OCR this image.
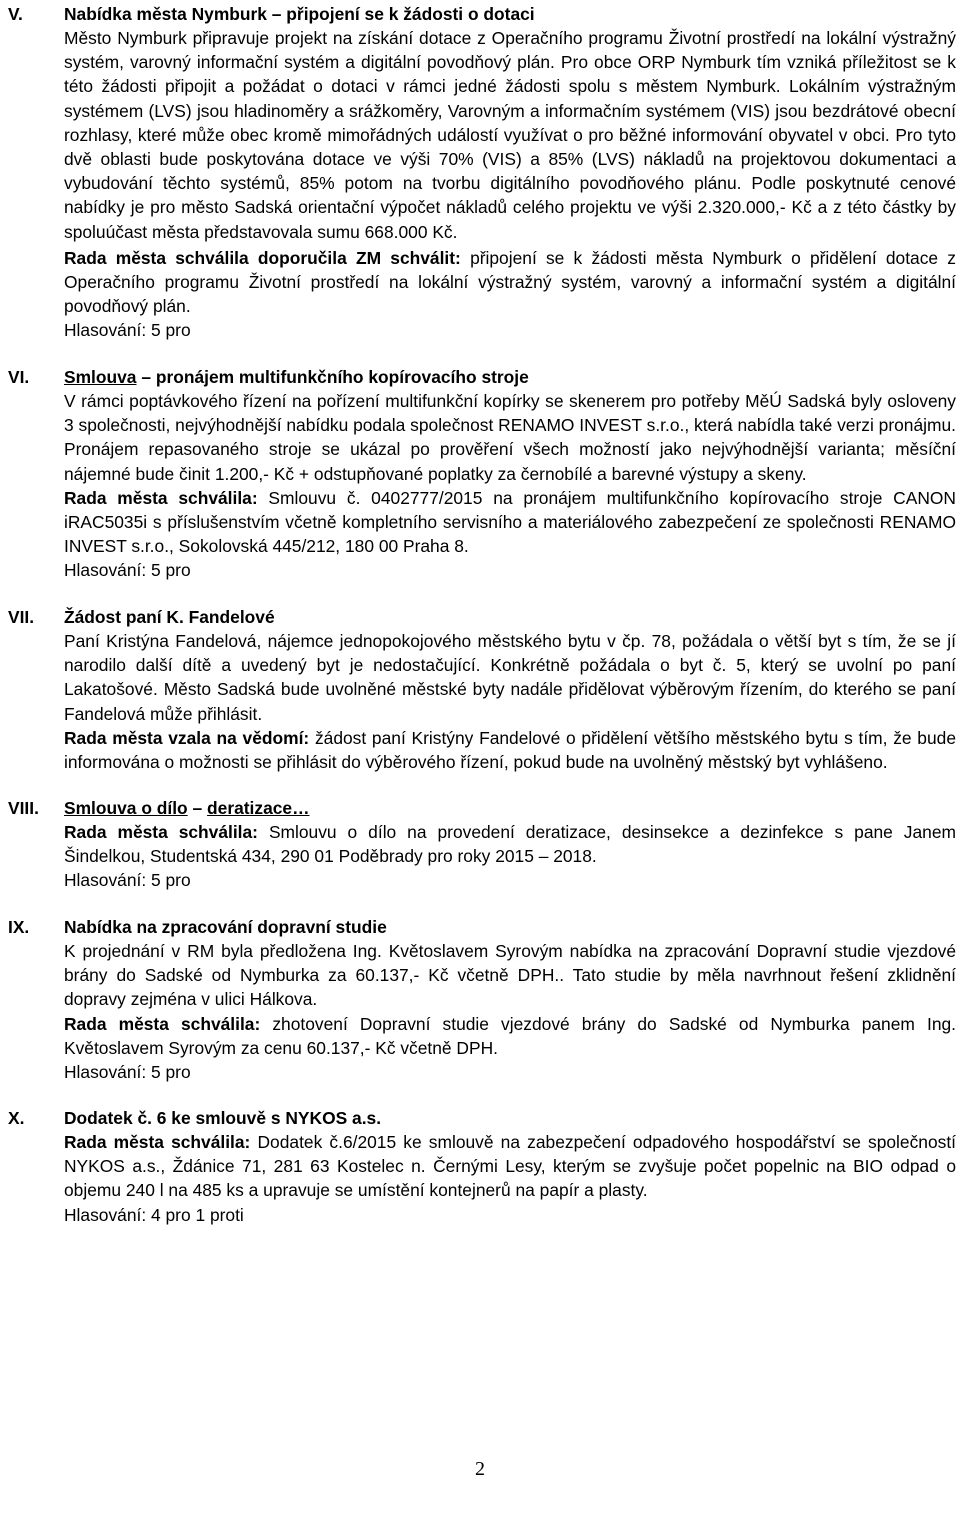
V. Nabídka města Nymburk – připojení se k žádosti o dotaci

Město Nymburk připravuje projekt na získání dotace z Operačního programu Životní prostředí na lokální výstražný systém, varovný informační systém a digitální povodňový plán. Pro obce ORP Nymburk tím vzniká příležitost se k této žádosti připojit a požádat o dotaci v rámci jedné žádosti spolu s městem Nymburk. Lokálním výstražným systémem (LVS) jsou hladinoměry a srážkoměry, Varovným a informačním systémem (VIS) jsou bezdrátové obecní rozhlasy, které může obec kromě mimořádných událostí využívat o pro běžné informování obyvatel v obci. Pro tyto dvě oblasti bude poskytována dotace ve výši 70% (VIS) a 85% (LVS) nákladů na projektovou dokumentaci a vybudování těchto systémů, 85% potom na tvorbu digitálního povodňového plánu. Podle poskytnuté cenové nabídky je pro město Sadská orientační výpočet nákladů celého projektu ve výši 2.320.000,- Kč a z této částky by spoluúčast města představovala sumu 668.000 Kč.

Rada města schválila doporučila ZM schválit: připojení se k žádosti města Nymburk o přidělení dotace z Operačního programu Životní prostředí na lokální výstražný systém, varovný a informační systém a digitální povodňový plán.

Hlasování: 5 pro

VI. Smlouva – pronájem multifunkčního kopírovacího stroje

V rámci poptávkového řízení na pořízení multifunkční kopírky se skenerem pro potřeby MěÚ Sadská byly osloveny 3 společnosti, nejvýhodnější nabídku podala společnost RENAMO INVEST s.r.o., která nabídla také verzi pronájmu. Pronájem repasovaného stroje se ukázal po prověření všech možností jako nejvýhodnější varianta; měsíční nájemné bude činit 1.200,- Kč + odstupňované poplatky za černobílé a barevné výstupy a skeny.

Rada města schválila: Smlouvu č. 0402777/2015 na pronájem multifunkčního kopírovacího stroje CANON iRAC5035i s příslušenstvím včetně kompletního servisního a materiálového zabezpečení ze společnosti RENAMO INVEST s.r.o., Sokolovská 445/212, 180 00 Praha 8.

Hlasování: 5 pro

VII. Žádost paní K. Fandelové

Paní Kristýna Fandelová, nájemce jednopokojového městského bytu v čp. 78, požádala o větší byt s tím, že se jí narodilo další dítě a uvedený byt je nedostačující. Konkrétně požádala o byt č. 5, který se uvolní po paní Lakatošové. Město Sadská bude uvolněné městské byty nadále přidělovat výběrovým řízením, do kterého se paní Fandelová může přihlásit.

Rada města vzala na vědomí: žádost paní Kristýny Fandelové o přidělení většího městského bytu s tím, že bude informována o možnosti se přihlásit do výběrového řízení, pokud bude na uvolněný městský byt vyhlášeno.

VIII. Smlouva o dílo – deratizace…

Rada města schválila: Smlouvu o dílo na provedení deratizace, desinsekce a dezinfekce s pane Janem Šindelkou, Studentská 434, 290 01 Poděbrady pro roky 2015 – 2018.

Hlasování: 5 pro

IX. Nabídka na zpracování dopravní studie

K projednání v RM byla předložena Ing. Květoslavem Syrovým nabídka na zpracování Dopravní studie vjezdové brány do Sadské od Nymburka za 60.137,- Kč včetně DPH.. Tato studie by měla navrhnout řešení zklidnění dopravy zejména v ulici Hálkova.

Rada města schválila: zhotovení Dopravní studie vjezdové brány do Sadské od Nymburka panem Ing. Květoslavem Syrovým za cenu 60.137,- Kč včetně DPH.

Hlasování: 5 pro

X. Dodatek č. 6 ke smlouvě s NYKOS a.s.

Rada města schválila: Dodatek č.6/2015 ke smlouvě na zabezpečení odpadového hospodářství se společností NYKOS a.s., Ždánice 71, 281 63 Kostelec n. Černými Lesy, kterým se zvyšuje počet popelnic na BIO odpad o objemu 240 l na 485 ks a upravuje se umístění kontejnerů na papír a plasty.

Hlasování: 4 pro 1 proti

2
